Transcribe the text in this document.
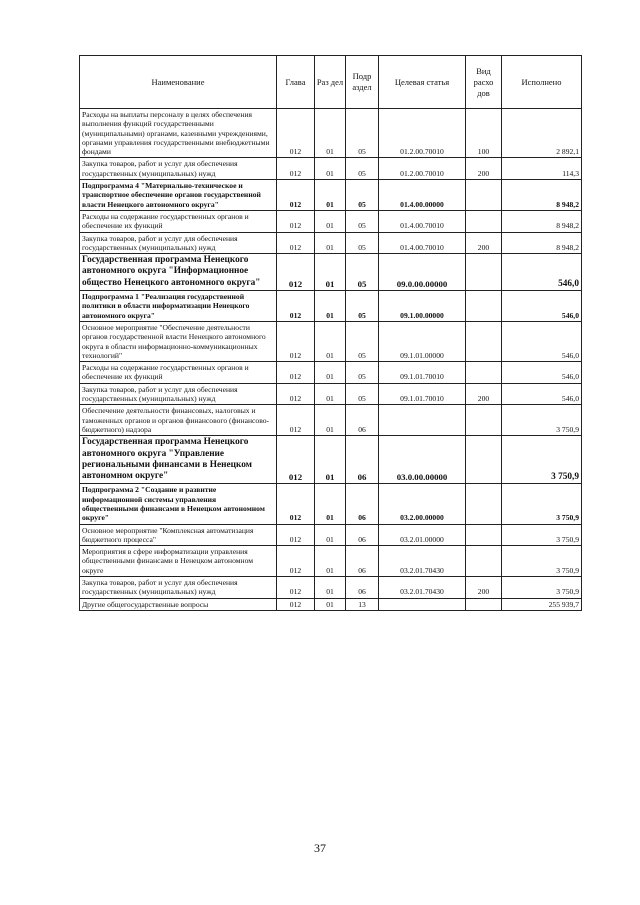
Наименование	Глава	Раз дел	Подр аздел	Целевая статья	Вид расхо дов	Исполнено
Расходы на выплаты персоналу в целях обеспечения выполнения функций государственными (муниципальными) органами, казенными учреждениями, органами управления государственными внебюджетными фондами	012	01	05	01.2.00.70010	100	2 892,1
Закупка товаров, работ и услуг для обеспечения государственных (муниципальных) нужд	012	01	05	01.2.00.70010	200	114,3
Подпрограмма 4 "Материально-техническое и транспортное обеспечение органов государственной власти Ненецкого автономного округа"	012	01	05	01.4.00.00000		8 948,2
Расходы на содержание государственных органов и обеспечение их функций	012	01	05	01.4.00.70010		8 948,2
Закупка товаров, работ и услуг для обеспечения государственных (муниципальных) нужд	012	01	05	01.4.00.70010	200	8 948,2
Государственная программа Ненецкого автономного округа "Информационное общество Ненецкого автономного округа"	012	01	05	09.0.00.00000		546,0
Подпрограмма 1 "Реализация государственной политики в области информатизации Ненецкого автономного округа"	012	01	05	09.1.00.00000		546,0
Основное мероприятие "Обеспечение деятельности органов государственной власти Ненецкого автономного округа в области информационно-коммуникационных технологий"	012	01	05	09.1.01.00000		546,0
Расходы на содержание государственных органов и обеспечение их функций	012	01	05	09.1.01.70010		546,0
Закупка товаров, работ и услуг для обеспечения государственных (муниципальных) нужд	012	01	05	09.1.01.70010	200	546,0
Обеспечение деятельности финансовых, налоговых и таможенных органов и органов финансового (финансово-бюджетного) надзора	012	01	06			3 750,9
Государственная программа Ненецкого автономного округа "Управление региональными финансами в Ненецком автономном округе"	012	01	06	03.0.00.00000		3 750,9
Подпрограмма 2 "Создание и развитие информационной системы управления общественными финансами в Ненецком автономном округе"	012	01	06	03.2.00.00000		3 750,9
Основное мероприятие "Комплексная автоматизация бюджетного процесса"	012	01	06	03.2.01.00000		3 750,9
Мероприятия в сфере информатизации управления общественными финансами в Ненецком автономном округе	012	01	06	03.2.01.70430		3 750,9
Закупка товаров, работ и услуг для обеспечения государственных (муниципальных) нужд	012	01	06	03.2.01.70430	200	3 750,9
Другие общегосударственные вопросы	012	01	13			255 939,7
37
